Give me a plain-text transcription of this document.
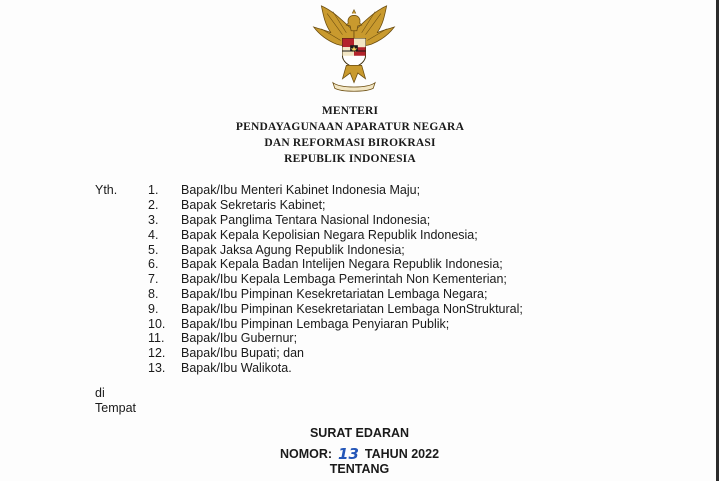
MENTERI
PENDAYAGUNAAN APARATUR NEGARA
DAN REFORMASI BIROKRASI
REPUBLIK INDONESIA
Yth.	1.	Bapak/Ibu Menteri Kabinet Indonesia Maju;
2.	Bapak Sekretaris Kabinet;
3.	Bapak Panglima Tentara Nasional Indonesia;
4.	Bapak Kepala Kepolisian Negara Republik Indonesia;
5.	Bapak Jaksa Agung Republik Indonesia;
6.	Bapak Kepala Badan Intelijen Negara Republik Indonesia;
7.	Bapak/Ibu Kepala Lembaga Pemerintah Non Kementerian;
8.	Bapak/Ibu Pimpinan Kesekretariatan Lembaga Negara;
9.	Bapak/Ibu Pimpinan Kesekretariatan Lembaga NonStruktural;
10.	Bapak/Ibu Pimpinan Lembaga Penyiaran Publik;
11.	Bapak/Ibu Gubernur;
12.	Bapak/Ibu Bupati; dan
13.	Bapak/Ibu Walikota.
di
Tempat
SURAT EDARAN
NOMOR: 13 TAHUN 2022
TENTANG
